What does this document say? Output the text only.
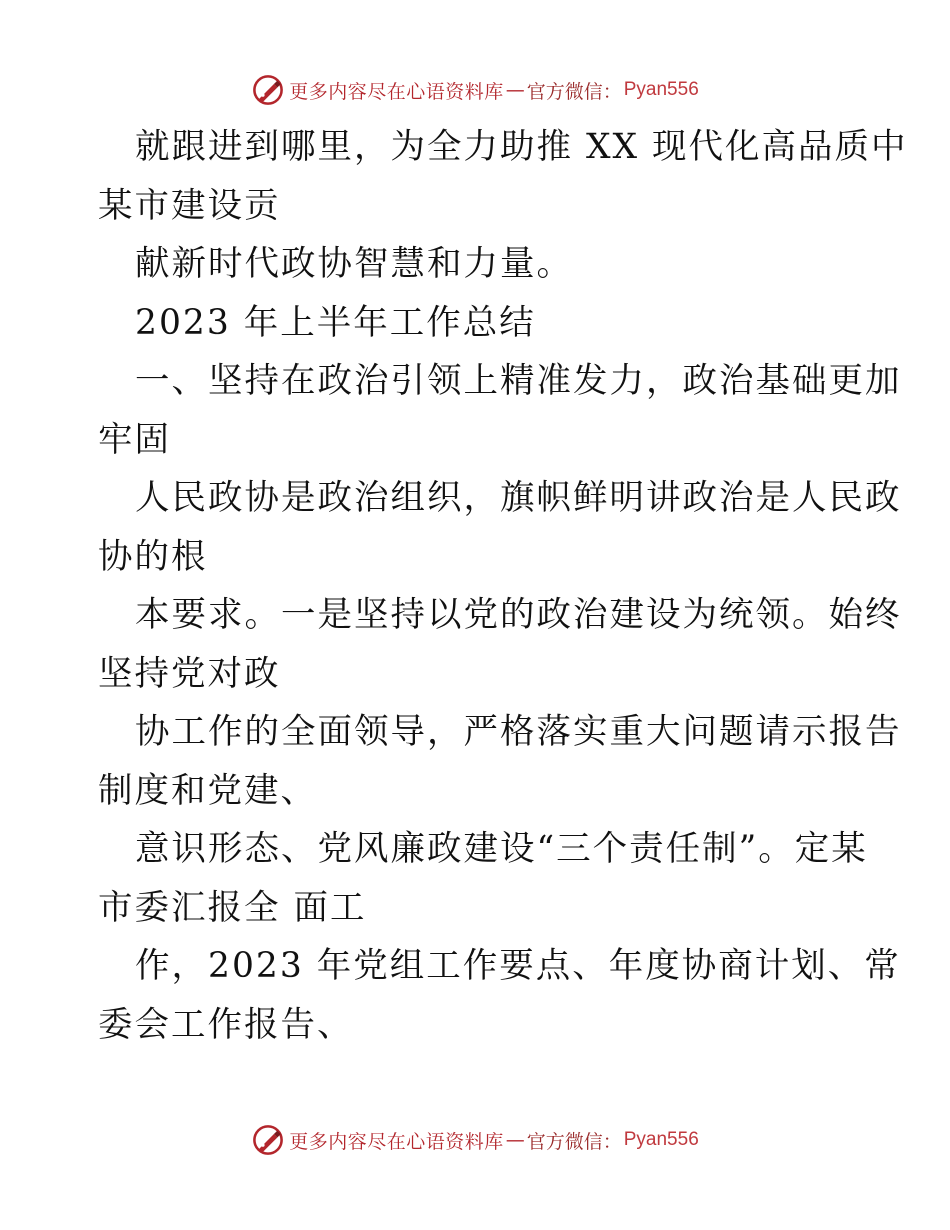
更多内容尽在心语资料库 — 官方微信： Pyan556
就跟进到哪里，为全力助推 XX 现代化高品质中
某市建设贡
献新时代政协智慧和力量。
2023 年上半年工作总结
一、坚持在政治引领上精准发力，政治基础更加
牢固
人民政协是政治组织，旗帜鲜明讲政治是人民政
协的根
本要求。一是坚持以党的政治建设为统领。始终
坚持党对政
协工作的全面领导，严格落实重大问题请示报告
制度和党建、
意识形态、党风廉政建设“三个责任制”。定某
市委汇报全 面工
作，2023 年党组工作要点、年度协商计划、常
委会工作报告、
更多内容尽在心语资料库 — 官方微信： Pyan556
